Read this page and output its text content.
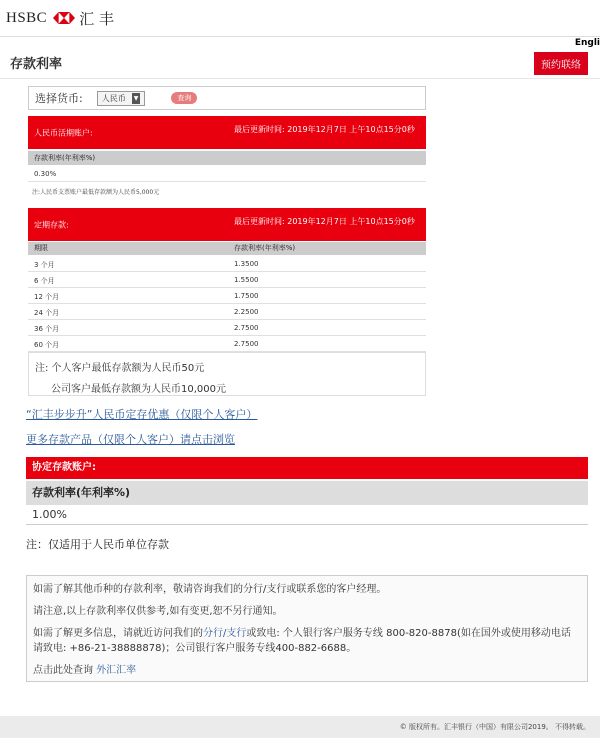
HSBC 汇 丰
Engli
存款利率	预约联络
选择货币: 人民币	▼	查询
人民币活期账户:	最后更新时间: 2019年12月7日 上午10点15分0秒
存款利率(年利率%)
0.30%
注:人民币支票账户最低存款额为人民币5,000元
定期存款:	最后更新时间: 2019年12月7日 上午10点15分0秒
期限	存款利率(年利率%)
3 个月	1.3500
6 个月	1.5500
12 个月	1.7500
24 个月	2.2500
36 个月	2.7500
60 个月	2.7500
注: 个人客户最低存款额为人民币50元
公司客户最低存款额为人民币10,000元
“汇丰步步升”人民币定存优惠（仅限个人客户）
更多存款产品（仅限个人客户）请点击浏览
协定存款账户:
存款利率(年利率%)
1.00%
注：仅适用于人民币单位存款

如需了解其他币种的存款利率，敬请咨询我们的分行/支行或联系您的客户经理。

请注意,以上存款利率仅供参考,如有变更,恕不另行通知。

如需了解更多信息，请就近访问我们的分行/支行或致电: 个人银行客户服务专线 800-820-8878(如在国外或使用移动电话请致电: +86-21-38888878)；公司银行客户服务专线400-882-6688。

点击此处查询 外汇汇率

© 版权所有。汇丰银行（中国）有限公司2019。 不得转载。
